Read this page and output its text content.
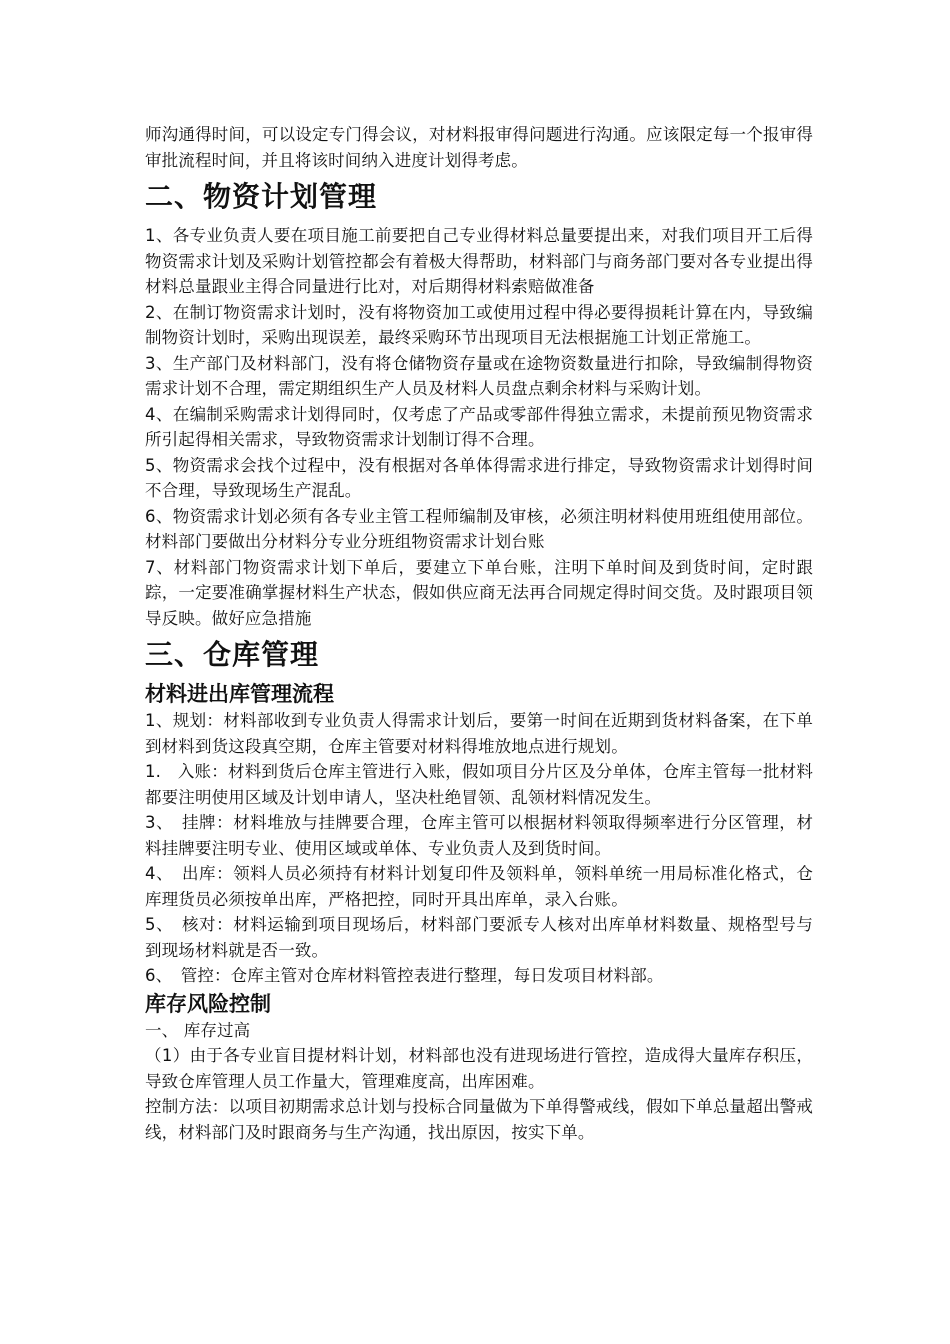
师沟通得时间，可以设定专门得会议，对材料报审得问题进行沟通。应该限定每一个报审得审批流程时间，并且将该时间纳入进度计划得考虑。

二、物资计划管理

1、各专业负责人要在项目施工前要把自己专业得材料总量要提出来，对我们项目开工后得物资需求计划及采购计划管控都会有着极大得帮助，材料部门与商务部门要对各专业提出得材料总量跟业主得合同量进行比对，对后期得材料索赔做准备

2、在制订物资需求计划时，没有将物资加工或使用过程中得必要得损耗计算在内，导致编制物资计划时，采购出现误差，最终采购环节出现项目无法根据施工计划正常施工。

3、生产部门及材料部门，没有将仓储物资存量或在途物资数量进行扣除，导致编制得物资需求计划不合理，需定期组织生产人员及材料人员盘点剩余材料与采购计划。

4、在编制采购需求计划得同时，仅考虑了产品或零部件得独立需求，未提前预见物资需求所引起得相关需求，导致物资需求计划制订得不合理。

5、物资需求会找个过程中，没有根据对各单体得需求进行排定，导致物资需求计划得时间不合理，导致现场生产混乱。

6、物资需求计划必须有各专业主管工程师编制及审核，必须注明材料使用班组使用部位。材料部门要做出分材料分专业分班组物资需求计划台账

7、材料部门物资需求计划下单后，要建立下单台账，注明下单时间及到货时间，定时跟踪，一定要准确掌握材料生产状态，假如供应商无法再合同规定得时间交货。及时跟项目领导反映。做好应急措施

三、仓库管理
材料进出库管理流程

1、规划：材料部收到专业负责人得需求计划后，要第一时间在近期到货材料备案，在下单到材料到货这段真空期，仓库主管要对材料得堆放地点进行规划。

1.　入账：材料到货后仓库主管进行入账，假如项目分片区及分单体，仓库主管每一批材料都要注明使用区域及计划申请人，坚决杜绝冒领、乱领材料情况发生。

3、　挂牌：材料堆放与挂牌要合理，仓库主管可以根据材料领取得频率进行分区管理，材料挂牌要注明专业、使用区域或单体、专业负责人及到货时间。

4、　出库：领料人员必须持有材料计划复印件及领料单，领料单统一用局标准化格式，仓库理货员必须按单出库，严格把控，同时开具出库单，录入台账。

5、　核对：材料运输到项目现场后，材料部门要派专人核对出库单材料数量、规格型号与到现场材料就是否一致。

6、　管控：仓库主管对仓库材料管控表进行整理，每日发项目材料部。

库存风险控制

一、 库存过高

（1）由于各专业盲目提材料计划，材料部也没有进现场进行管控，造成得大量库存积压，导致仓库管理人员工作量大，管理难度高，出库困难。

控制方法：以项目初期需求总计划与投标合同量做为下单得警戒线，假如下单总量超出警戒线，材料部门及时跟商务与生产沟通，找出原因，按实下单。
